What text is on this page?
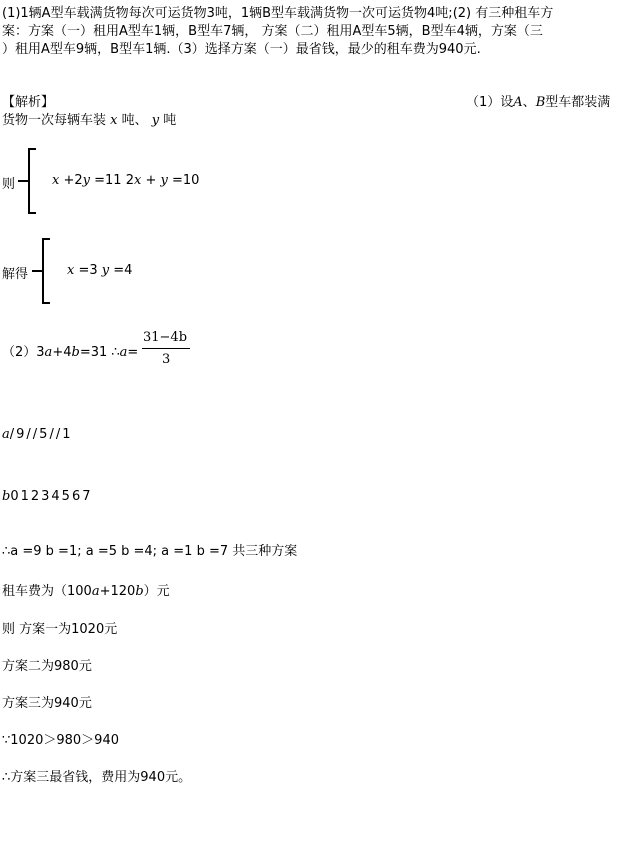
(1)1辆A型车载满货物每次可运货物3吨，1辆B型车载满货物一次可运货物4吨;(2) 有三种租车方
案：方案（一）租用A型车1辆，B型车7辆， 方案（二）租用A型车5辆，B型车4辆，方案（三
）租用A型车9辆，B型车1辆.（3）选择方案（一）最省钱，最少的租车费为940元.
【解析】	（1）设A、B型车都装满
货物一次每辆车装 x 吨、 y 吨
则	x +2y =11 2x + y =10
解得	x =3 y =4
（2）3a+4b=31 ∴a=
31−4b
3
a/9//5//1
b01234567
∴a =9 b =1; a =5 b =4; a =1 b =7 共三种方案
租车费为（100a+120b）元
则 方案一为1020元
方案二为980元
方案三为940元
∵1020＞980＞940
∴方案三最省钱，费用为940元。
